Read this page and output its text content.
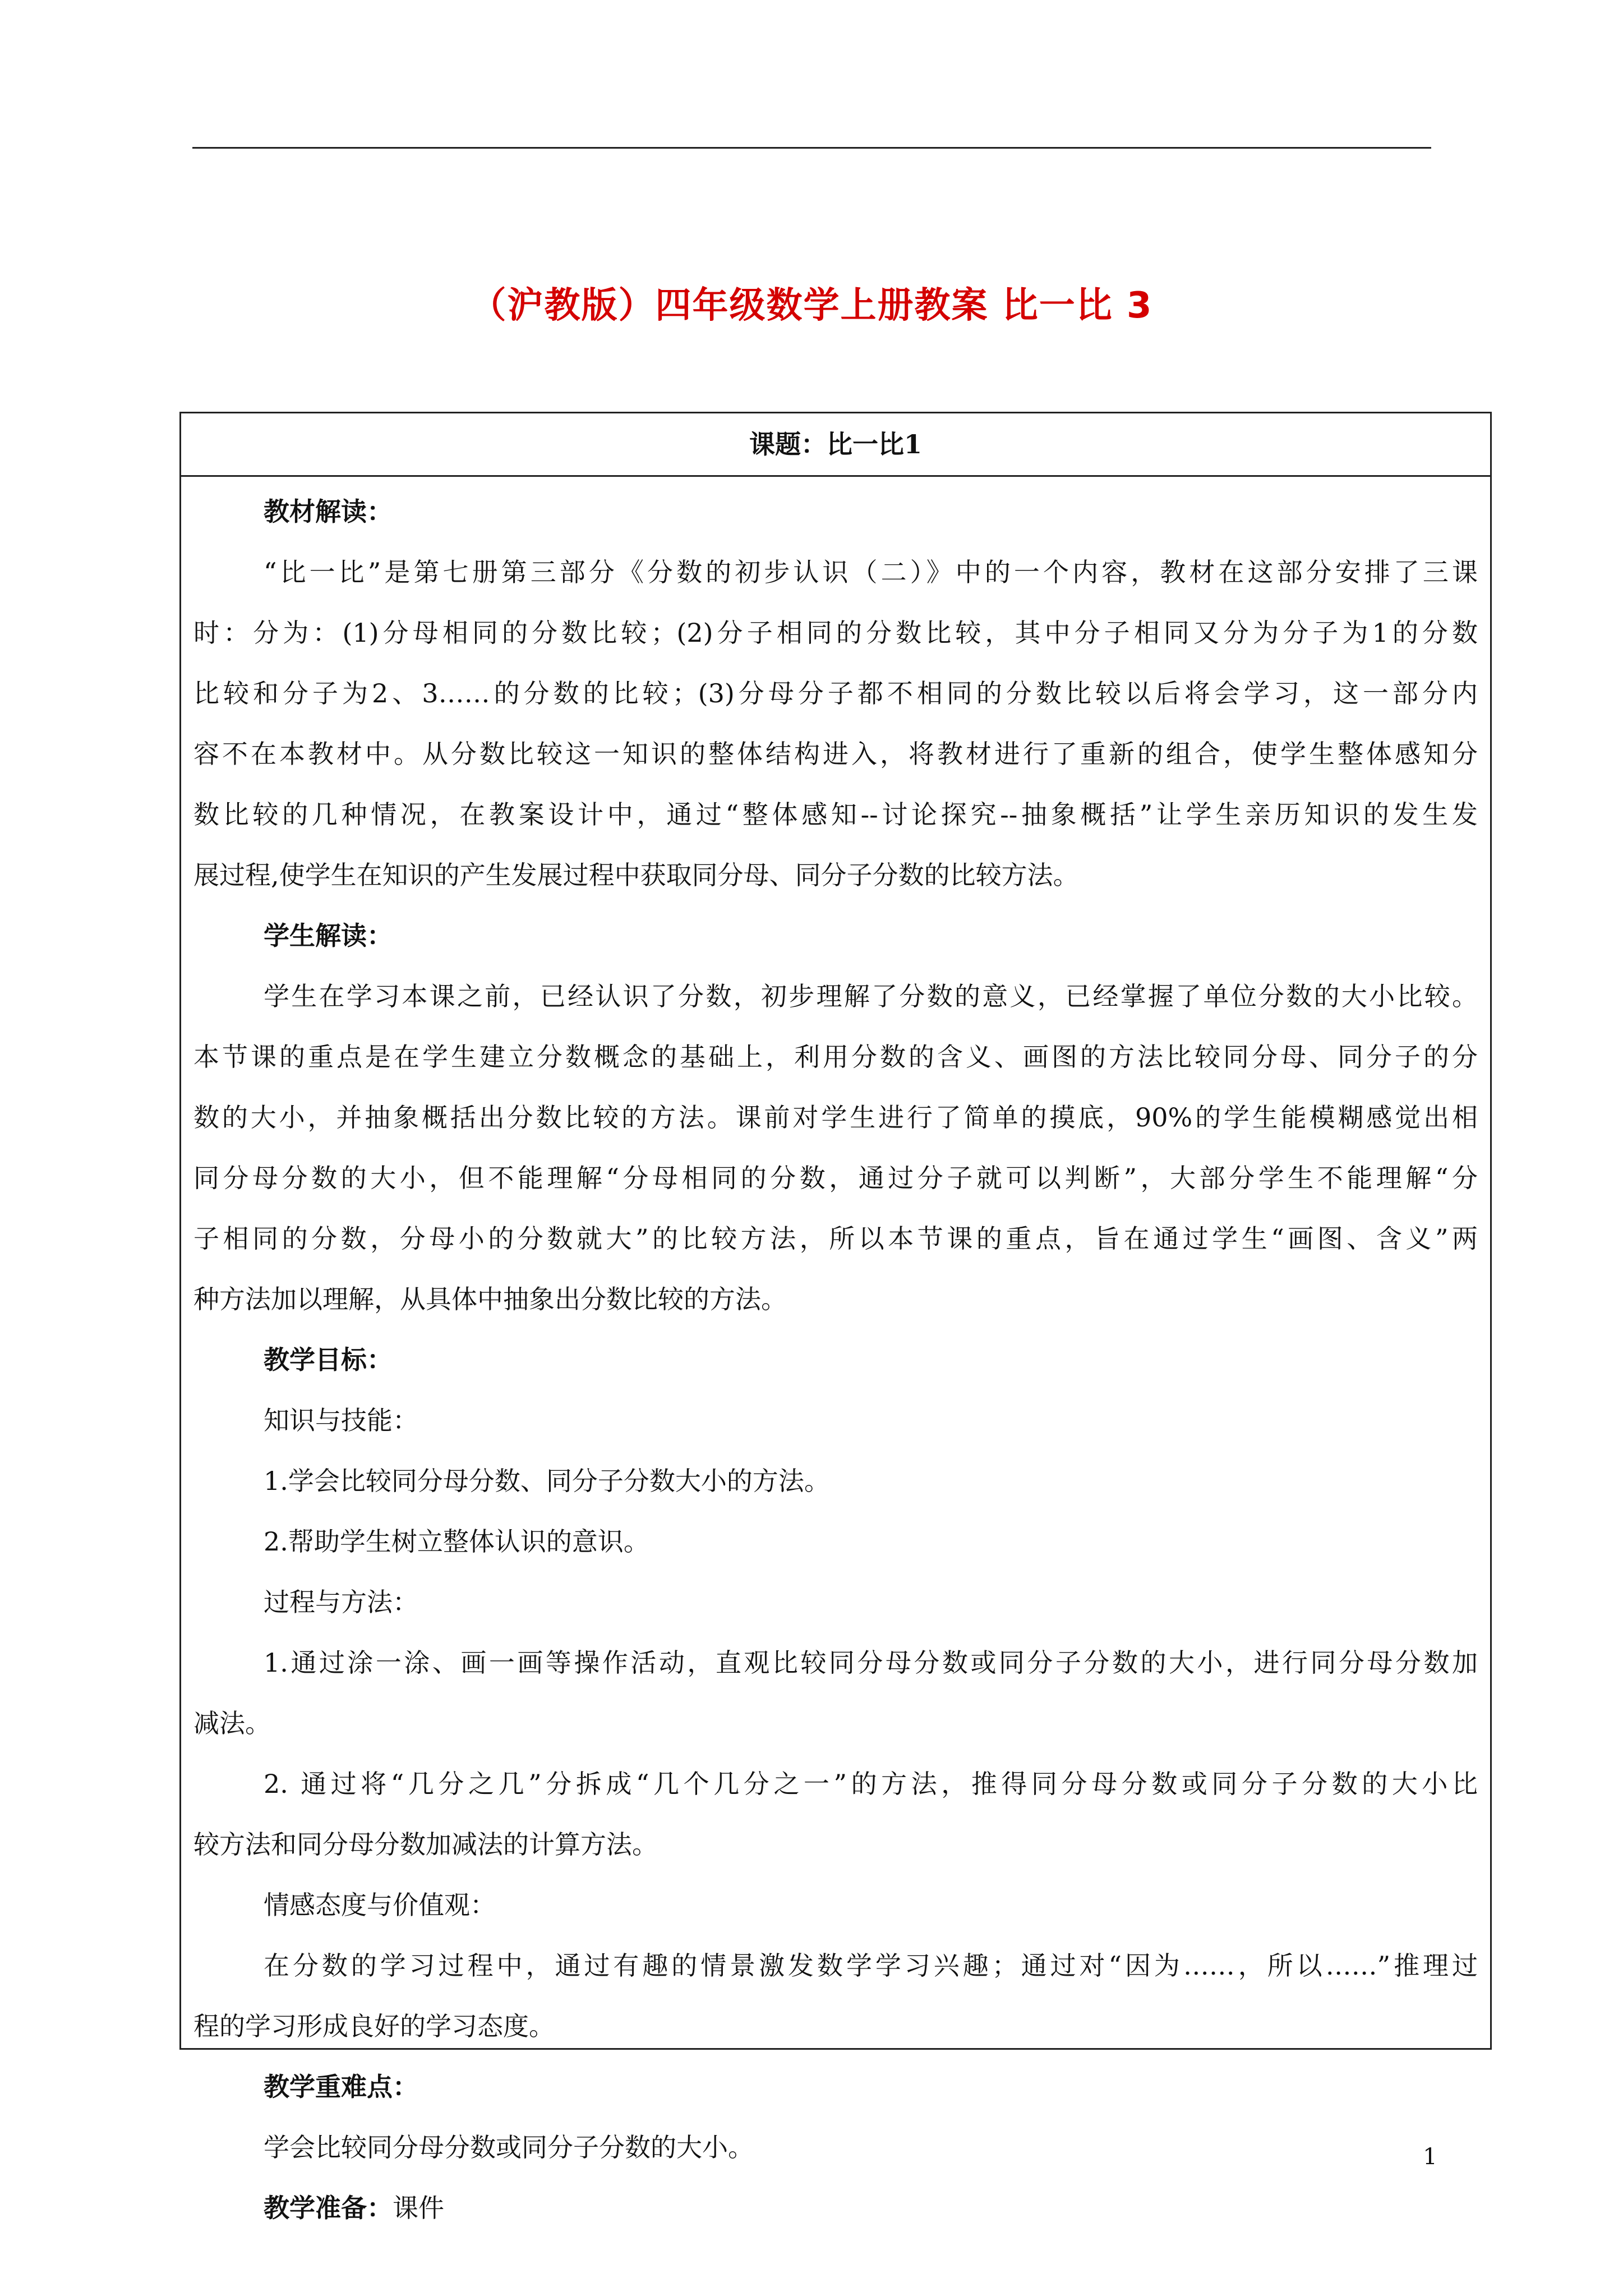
（沪教版）四年级数学上册教案 比一比 3
课题：比一比1
教材解读：
“比一比”是第七册第三部分《分数的初步认识（二）》中的一个内容，教材在这部分安排了三课
时：分为：(1)分母相同的分数比较；(2)分子相同的分数比较，其中分子相同又分为分子为1的分数
比较和分子为2、3……的分数的比较；(3)分母分子都不相同的分数比较以后将会学习，这一部分内
容不在本教材中。从分数比较这一知识的整体结构进入，将教材进行了重新的组合，使学生整体感知分
数比较的几种情况，在教案设计中，通过“整体感知--讨论探究--抽象概括”让学生亲历知识的发生发
展过程,使学生在知识的产生发展过程中获取同分母、同分子分数的比较方法。
学生解读：
学生在学习本课之前，已经认识了分数，初步理解了分数的意义，已经掌握了单位分数的大小比较。
本节课的重点是在学生建立分数概念的基础上，利用分数的含义、画图的方法比较同分母、同分子的分
数的大小，并抽象概括出分数比较的方法。课前对学生进行了简单的摸底，90%的学生能模糊感觉出相
同分母分数的大小，但不能理解“分母相同的分数，通过分子就可以判断”，大部分学生不能理解“分
子相同的分数，分母小的分数就大”的比较方法，所以本节课的重点，旨在通过学生“画图、含义”两
种方法加以理解，从具体中抽象出分数比较的方法。
教学目标：
知识与技能：
1.学会比较同分母分数、同分子分数大小的方法。
2.帮助学生树立整体认识的意识。
过程与方法：
1.通过涂一涂、画一画等操作活动，直观比较同分母分数或同分子分数的大小，进行同分母分数加
减法。
2. 通过将“几分之几”分拆成“几个几分之一”的方法，推得同分母分数或同分子分数的大小比
较方法和同分母分数加减法的计算方法。
情感态度与价值观：
在分数的学习过程中，通过有趣的情景激发数学学习兴趣；通过对“因为……，所以……”推理过
程的学习形成良好的学习态度。
教学重难点：
学会比较同分母分数或同分子分数的大小。
教学准备：课件
1
